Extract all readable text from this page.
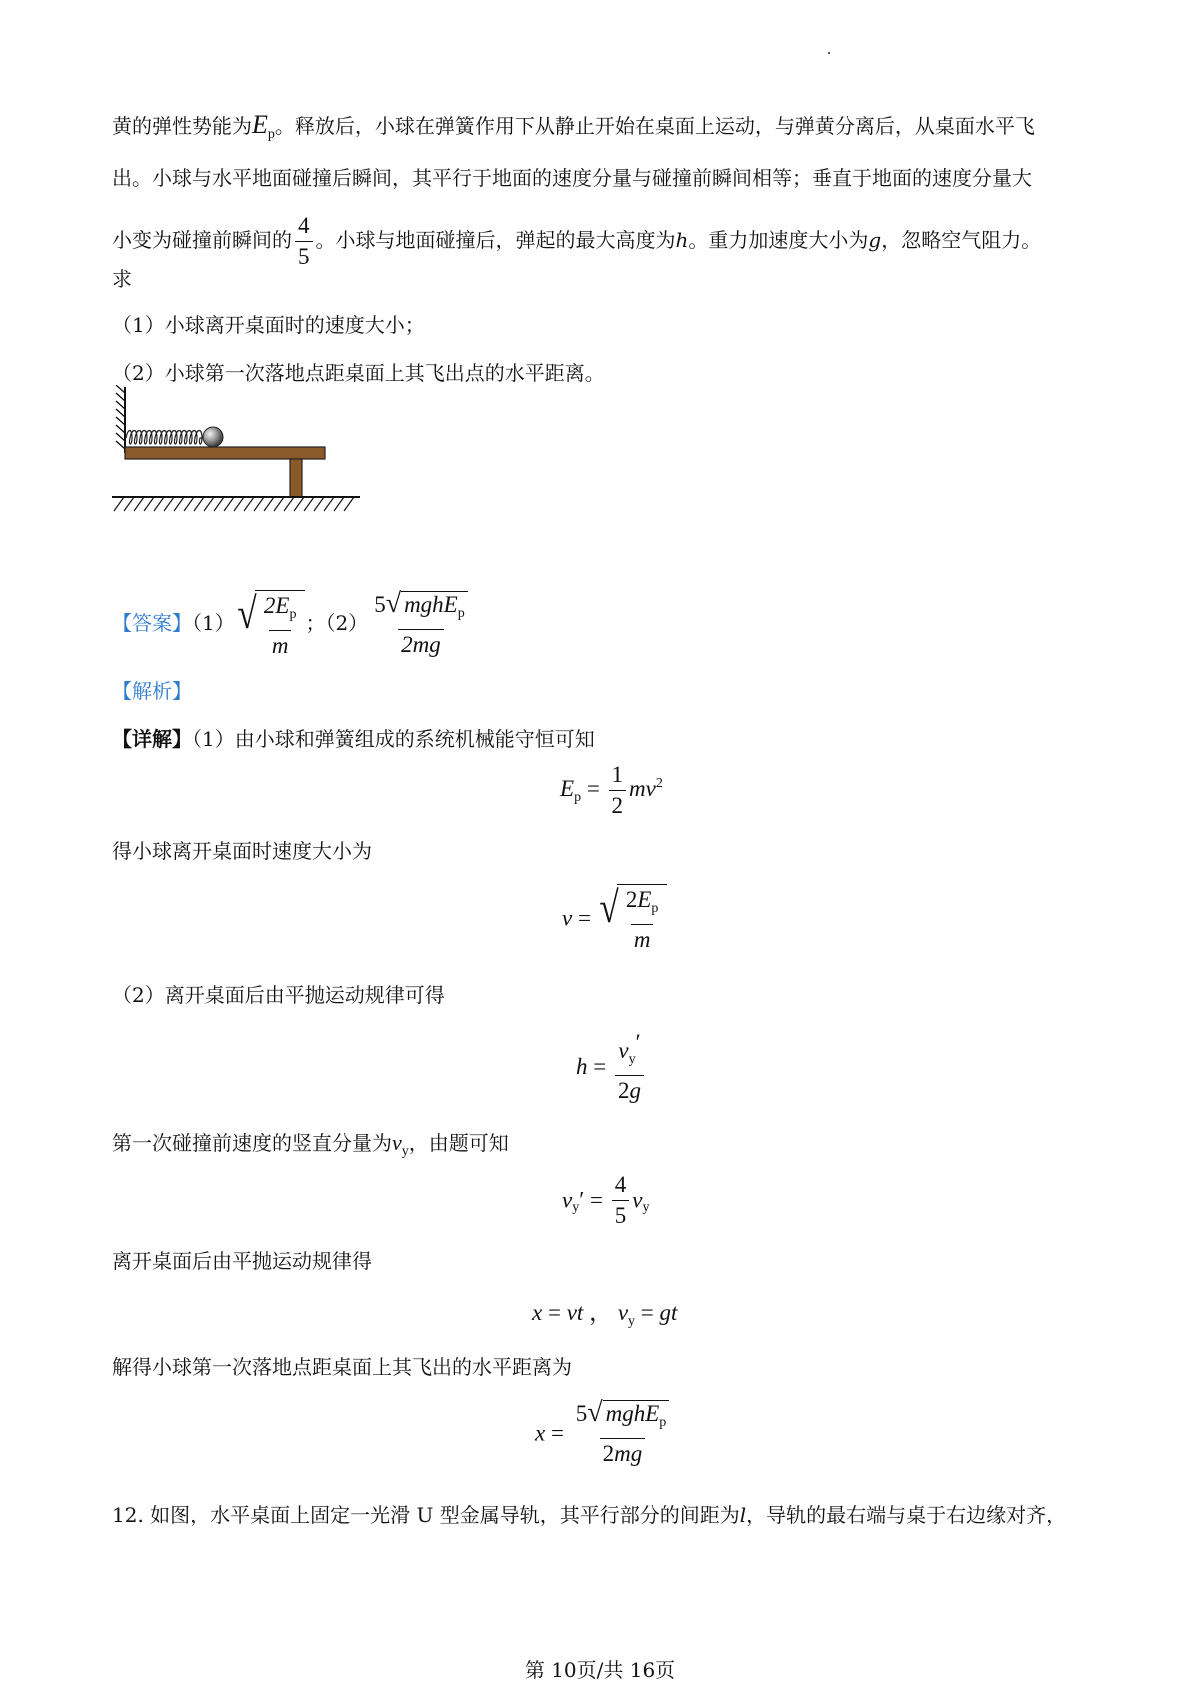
黄的弹性势能为$E_p$。释放后，小球在弹簧作用下从静止开始在桌面上运动，与弹黄分离后，从桌面水平飞
出。小球与水平地面碰撞后瞬间，其平行于地面的速度分量与碰撞前瞬间相等；垂直于地面的速度分量大
小变为碰撞前瞬间的 $\frac{4}{5}$ 。小球与地面碰撞后，弹起的最大高度为h。重力加速度大小为g，忽略空气阻力。
求
（1）小球离开桌面时的速度大小；
（2）小球第一次落地点距桌面上其飞出点的水平距离。
【答案】（1） √ $\frac{2E_p}{m}$ ；$(2) \frac{5 √ mghE_p}{2mg}$
【解析】
【详解】（1）由小球和弹簧组成的系统机械能守恒可知
$E_p = \frac{1}{2} mv^2$
得小球离开桌面时速度大小为
v = √ $\frac{2E_p}{m}$
（2）离开桌面后由平抛运动规律可得
$h = \frac{v_y'}{2g}$
第一次碰撞前速度的竖直分量为$v_y$，由题可知
$v_y' = \frac{4}{5} v_y$
离开桌面后由平抛运动规律得
x = vt ， $v_y$ = gt
解得小球第一次落地点距桌面上其飞出的水平距离为
$x = \frac{5 √ mghE_p}{2mg}$
12. 如图，水平桌面上固定一光滑 U 型金属导轨，其平行部分的间距为l，导轨的最右端与桌于右边缘对齐，
第 10页/共 16页
